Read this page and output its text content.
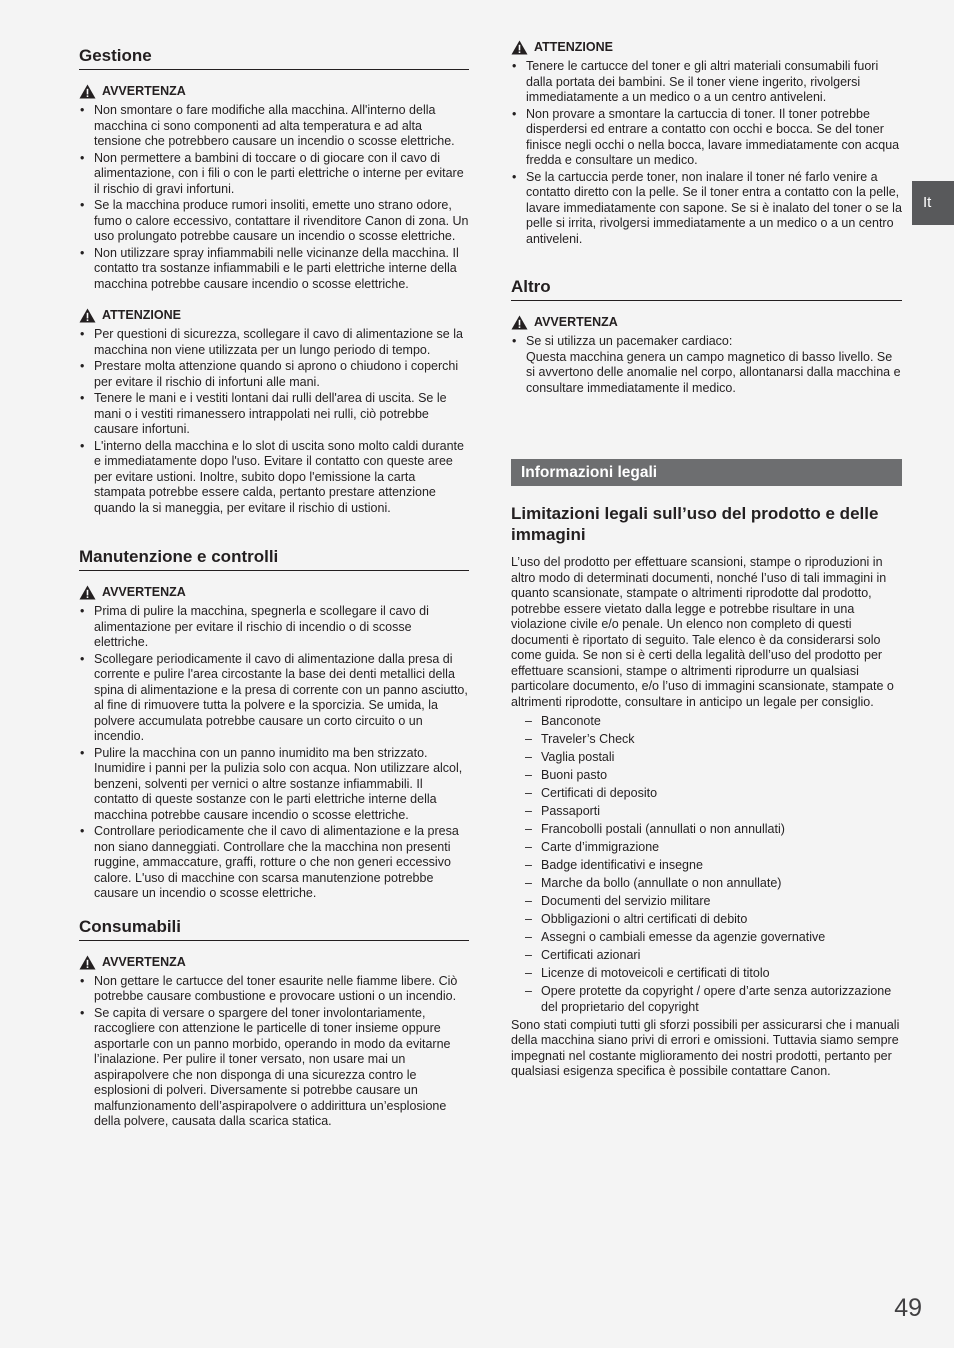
Gestione
AVVERTENZA
• Non smontare o fare modifiche alla macchina. All'interno della macchina ci sono componenti ad alta temperatura e ad alta tensione che potrebbero causare un incendio o scosse elettriche.
• Non permettere a bambini di toccare o di giocare con il cavo di alimentazione, con i fili o con le parti elettriche o interne per evitare il rischio di gravi infortuni.
• Se la macchina produce rumori insoliti, emette uno strano odore, fumo o calore eccessivo, contattare il rivenditore Canon di zona. Un uso prolungato potrebbe causare un incendio o scosse elettriche.
• Non utilizzare spray infiammabili nelle vicinanze della macchina. Il contatto tra sostanze infiammabili e le parti elettriche interne della macchina potrebbe causare incendio o scosse elettriche.
ATTENZIONE
• Per questioni di sicurezza, scollegare il cavo di alimentazione se la macchina non viene utilizzata per un lungo periodo di tempo.
• Prestare molta attenzione quando si aprono o chiudono i coperchi per evitare il rischio di infortuni alle mani.
• Tenere le mani e i vestiti lontani dai rulli dell'area di uscita. Se le mani o i vestiti rimanessero intrappolati nei rulli, ciò potrebbe causare infortuni.
• L'interno della macchina e lo slot di uscita sono molto caldi durante e immediatamente dopo l'uso. Evitare il contatto con queste aree per evitare ustioni. Inoltre, subito dopo l'emissione la carta stampata potrebbe essere calda, pertanto prestare attenzione quando la si maneggia, per evitare il rischio di ustioni.
Manutenzione e controlli
AVVERTENZA
• Prima di pulire la macchina, spegnerla e scollegare il cavo di alimentazione per evitare il rischio di incendio o di scosse elettriche.
• Scollegare periodicamente il cavo di alimentazione dalla presa di corrente e pulire l'area circostante la base dei denti metallici della spina di alimentazione e la presa di corrente con un panno asciutto, al fine di rimuovere tutta la polvere e la sporcizia. Se umida, la polvere accumulata potrebbe causare un corto circuito o un incendio.
• Pulire la macchina con un panno inumidito ma ben strizzato. Inumidire i panni per la pulizia solo con acqua. Non utilizzare alcol, benzeni, solventi per vernici o altre sostanze infiammabili. Il contatto di queste sostanze con le parti elettriche interne della macchina potrebbe causare incendio o scosse elettriche.
• Controllare periodicamente che il cavo di alimentazione e la presa non siano danneggiati. Controllare che la macchina non presenti ruggine, ammaccature, graffi, rotture o che non generi eccessivo calore. L'uso di macchine con scarsa manutenzione potrebbe causare un incendio o scosse elettriche.
Consumabili
AVVERTENZA
• Non gettare le cartucce del toner esaurite nelle fiamme libere. Ciò potrebbe causare combustione e provocare ustioni o un incendio.
• Se capita di versare o spargere del toner involontariamente, raccogliere con attenzione le particelle di toner insieme oppure asportarle con un panno morbido, operando in modo da evitarne l’inalazione. Per pulire il toner versato, non usare mai un aspirapolvere che non disponga di una sicurezza contro le esplosioni di polveri. Diversamente si potrebbe causare un malfunzionamento dell’aspirapolvere o addirittura un’esplosione della polvere, causata dalla scarica statica.
ATTENZIONE
• Tenere le cartucce del toner e gli altri materiali consumabili fuori dalla portata dei bambini. Se il toner viene ingerito, rivolgersi immediatamente a un medico o a un centro antiveleni.
• Non provare a smontare la cartuccia di toner. Il toner potrebbe disperdersi ed entrare a contatto con occhi e bocca. Se del toner finisce negli occhi o nella bocca, lavare immediatamente con acqua fredda e consultare un medico.
• Se la cartuccia perde toner, non inalare il toner né farlo venire a contatto diretto con la pelle. Se il toner entra a contatto con la pelle, lavare immediatamente con sapone. Se si è inalato del toner o se la pelle si irrita, rivolgersi immediatamente a un medico o a un centro antiveleni.
Altro
AVVERTENZA
• Se si utilizza un pacemaker cardiaco:
Questa macchina genera un campo magnetico di basso livello. Se si avvertono delle anomalie nel corpo, allontanarsi dalla macchina e consultare immediatamente il medico.
Informazioni legali
Limitazioni legali sull’uso del prodotto e delle immagini

L’uso del prodotto per effettuare scansioni, stampe o riproduzioni in altro modo di determinati documenti, nonché l’uso di tali immagini in quanto scansionate, stampate o altrimenti riprodotte dal prodotto, potrebbe essere vietato dalla legge e potrebbe risultare in una violazione civile e/o penale. Un elenco non completo di questi documenti è riportato di seguito. Tale elenco è da considerarsi solo come guida. Se non si è certi della legalità dell’uso del prodotto per effettuare scansioni, stampe o altrimenti riprodurre un qualsiasi particolare documento, e/o l’uso di immagini scansionate, stampate o altrimenti riprodotte, consultare in anticipo un legale per consiglio.

– Banconote
– Traveler’s Check
– Vaglia postali
– Buoni pasto
– Certificati di deposito
– Passaporti
– Francobolli postali (annullati o non annullati)
– Carte d’immigrazione
– Badge identificativi e insegne
– Marche da bollo (annullate o non annullate)
– Documenti del servizio militare
– Obbligazioni o altri certificati di debito
– Assegni o cambiali emesse da agenzie governative
– Certificati azionari
– Licenze di motoveicoli e certificati di titolo
– Opere protette da copyright / opere d’arte senza autorizzazione del proprietario del copyright

Sono stati compiuti tutti gli sforzi possibili per assicurarsi che i manuali della macchina siano privi di errori e omissioni. Tuttavia siamo sempre impegnati nel costante miglioramento dei nostri prodotti, pertanto per qualsiasi esigenza specifica è possibile contattare Canon.

It
49
